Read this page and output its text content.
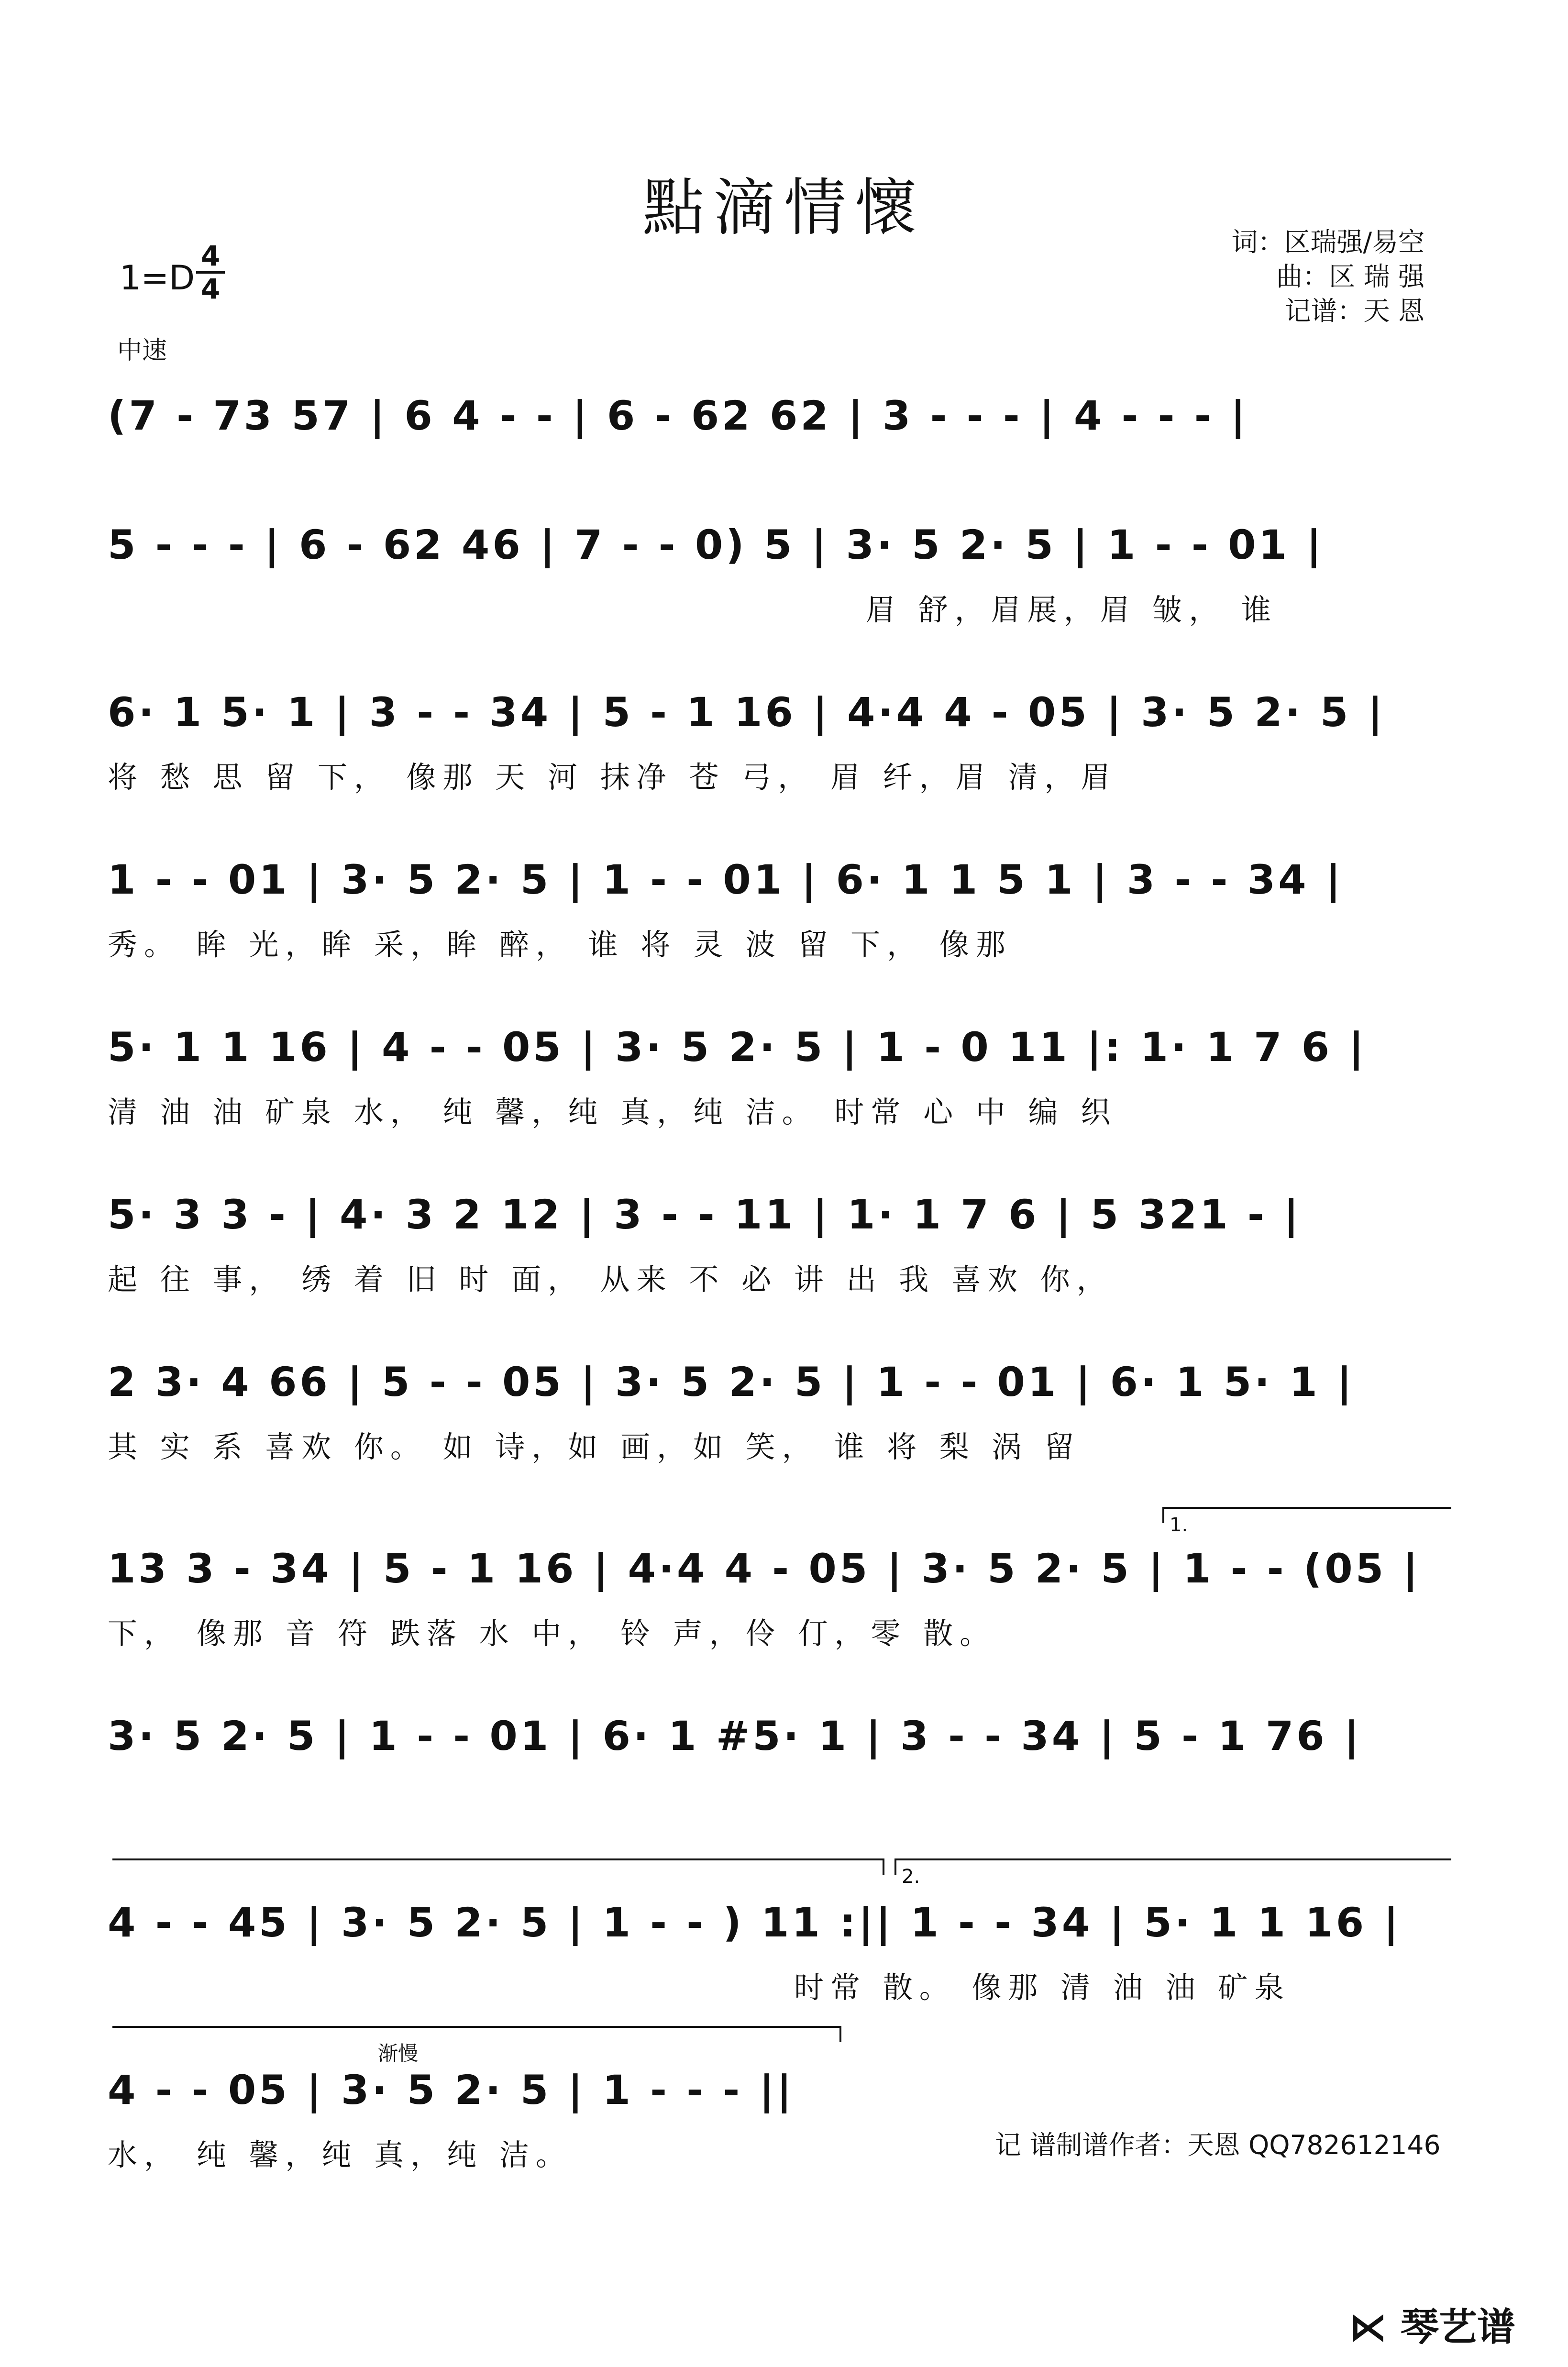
點滴情懷	词：区瑞强/易空
曲：区 瑞 强
记谱：天 恩
1=D
4
4
中速
(7 - 73 57 | 6 4 - - | 6 - 62 62 | 3 - - - | 4 - - - |
5 - - - | 6 - 62 46 | 7 - - 0) 5 | 3· 5 2· 5 | 1 - - 01 |
眉 舒，眉展，眉 皱， 谁
6· 1 5· 1 | 3 - - 34 | 5 - 1 16 | 4·4 4 - 05 | 3· 5 2· 5 |
将 愁 思 留 下， 像那 天 河 抹净 苍 弓， 眉 纤，眉 清，眉
1 - - 01 | 3· 5 2· 5 | 1 - - 01 | 6· 1 1 5 1 | 3 - - 34 |
秀。 眸 光，眸 采，眸 醉， 谁 将 灵 波 留 下， 像那
5· 1 1 16 | 4 - - 05 | 3· 5 2· 5 | 1 - 0 11 |: 1· 1 7 6 |
清 油 油 矿泉 水， 纯 馨，纯 真，纯 洁。 时常 心 中 编 织
5· 3 3 - | 4· 3 2 12 | 3 - - 11 | 1· 1 7 6 | 5 321 - |
起 往 事， 绣 着 旧 时 面， 从来 不 必 讲 出 我 喜欢 你，
2 3· 4 66 | 5 - - 05 | 3· 5 2· 5 | 1 - - 01 | 6· 1 5· 1 |
其 实 系 喜欢 你。 如 诗，如 画，如 笑， 谁 将 梨 涡 留
1.
13 3 - 34 | 5 - 1 16 | 4·4 4 - 05 | 3· 5 2· 5 | 1 - - (05 |
下， 像那 音 符 跌落 水 中， 铃 声，伶 仃，零 散。
3· 5 2· 5 | 1 - - 01 | 6· 1 #5· 1 | 3 - - 34 | 5 - 1 76 |
2.
4 - - 45 | 3· 5 2· 5 | 1 - - ) 11 :|| 1 - - 34 | 5· 1 1 16 |
时常 散。 像那 清 油 油 矿泉
渐慢
4 - - 05 | 3· 5 2· 5 | 1 - - - ||
水， 纯 馨，纯 真，纯 洁。	记 谱制谱作者：天恩 QQ782612146
⋉ 琴艺谱
